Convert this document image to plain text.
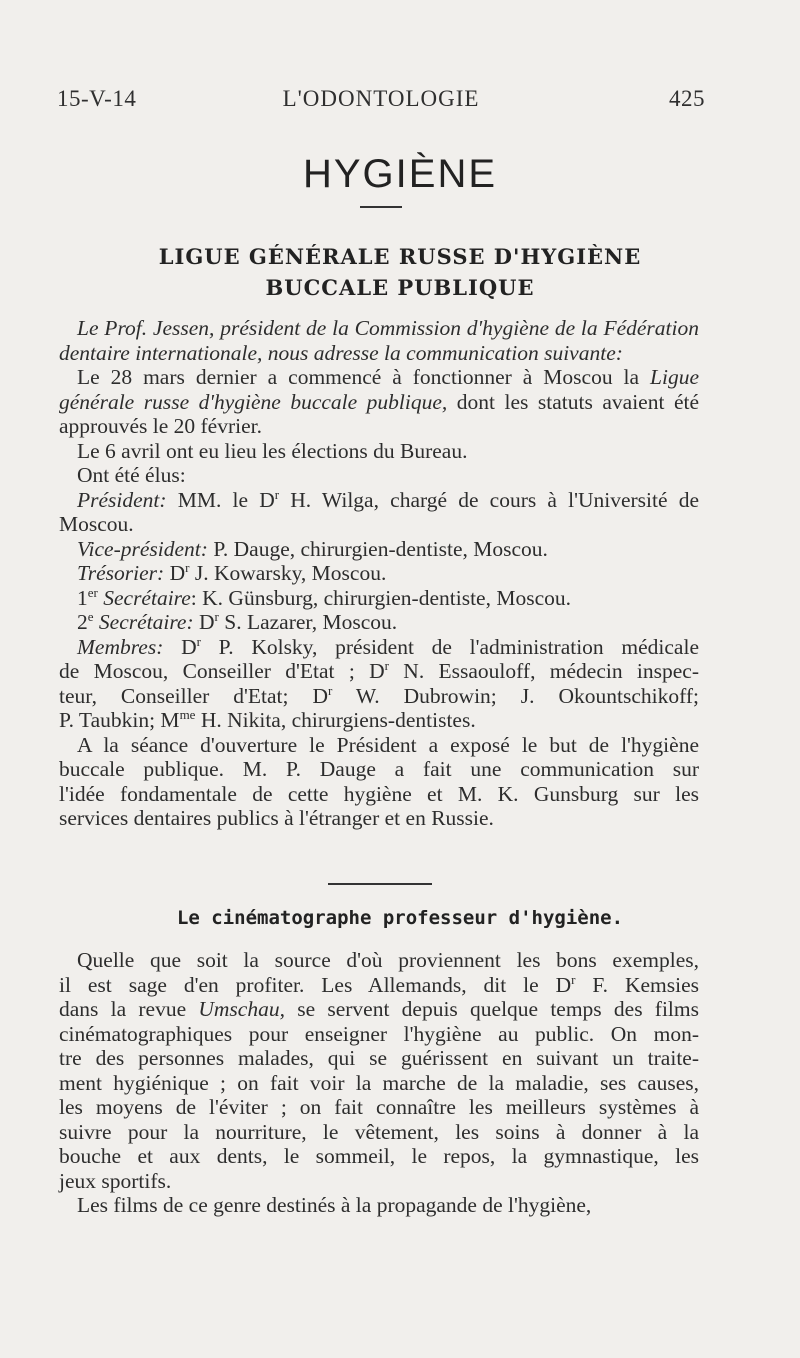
15-V-14	L'ODONTOLOGIE	425
HYGIÈNE
LIGUE GÉNÉRALE RUSSE D'HYGIÈNE
BUCCALE PUBLIQUE

Le Prof. Jessen, président de la Commission d'hygiène de la Fédération dentaire internationale, nous adresse la communication suivante:

Le 28 mars dernier a commencé à fonctionner à Moscou la Ligue générale russe d'hygiène buccale publique, dont les statuts avaient été approuvés le 20 février.

Le 6 avril ont eu lieu les élections du Bureau.

Ont été élus:

Président: MM. le $D^r$ H. Wilga, chargé de cours à l'Université de Moscou.

Vice-président: P. Dauge, chirurgien-dentiste, Moscou.

Trésorier: $D^r$ J. Kowarsky, Moscou.

1er Secrétaire: K. Günsburg, chirurgien-dentiste, Moscou.

2e Secrétaire: $D^r$ S. Lazarer, Moscou.

Membres: $D^r$ P. Kolsky, président de l'administration médicale
de Moscou, Conseiller d'Etat ; $D^r$ N. Essaouloff, médecin inspec-
teur, Conseiller d'Etat; $D^r$ W. Dubrowin; J. Okountschikoff;
P. Taubkin; $M^{me}$ H. Nikita, chirurgiens-dentistes.
A la séance d'ouverture le Président a exposé le but de l'hygiène
buccale publique. M. P. Dauge a fait une communication sur
l'idée fondamentale de cette hygiène et M. K. Gunsburg sur les
services dentaires publics à l'étranger et en Russie.
Le cinématographe professeur d'hygiène.
Quelle que soit la source d'où proviennent les bons exemples,
il est sage d'en profiter. Les Allemands, dit le $D^r$ F. Kemsies
dans la revue Umschau, se servent depuis quelque temps des films
cinématographiques pour enseigner l'hygiène au public. On mon-
tre des personnes malades, qui se guérissent en suivant un traite-
ment hygiénique ; on fait voir la marche de la maladie, ses causes,
les moyens de l'éviter ; on fait connaître les meilleurs systèmes à
suivre pour la nourriture, le vêtement, les soins à donner à la
bouche et aux dents, le sommeil, le repos, la gymnastique, les
jeux sportifs.
Les films de ce genre destinés à la propagande de l'hygiène,
